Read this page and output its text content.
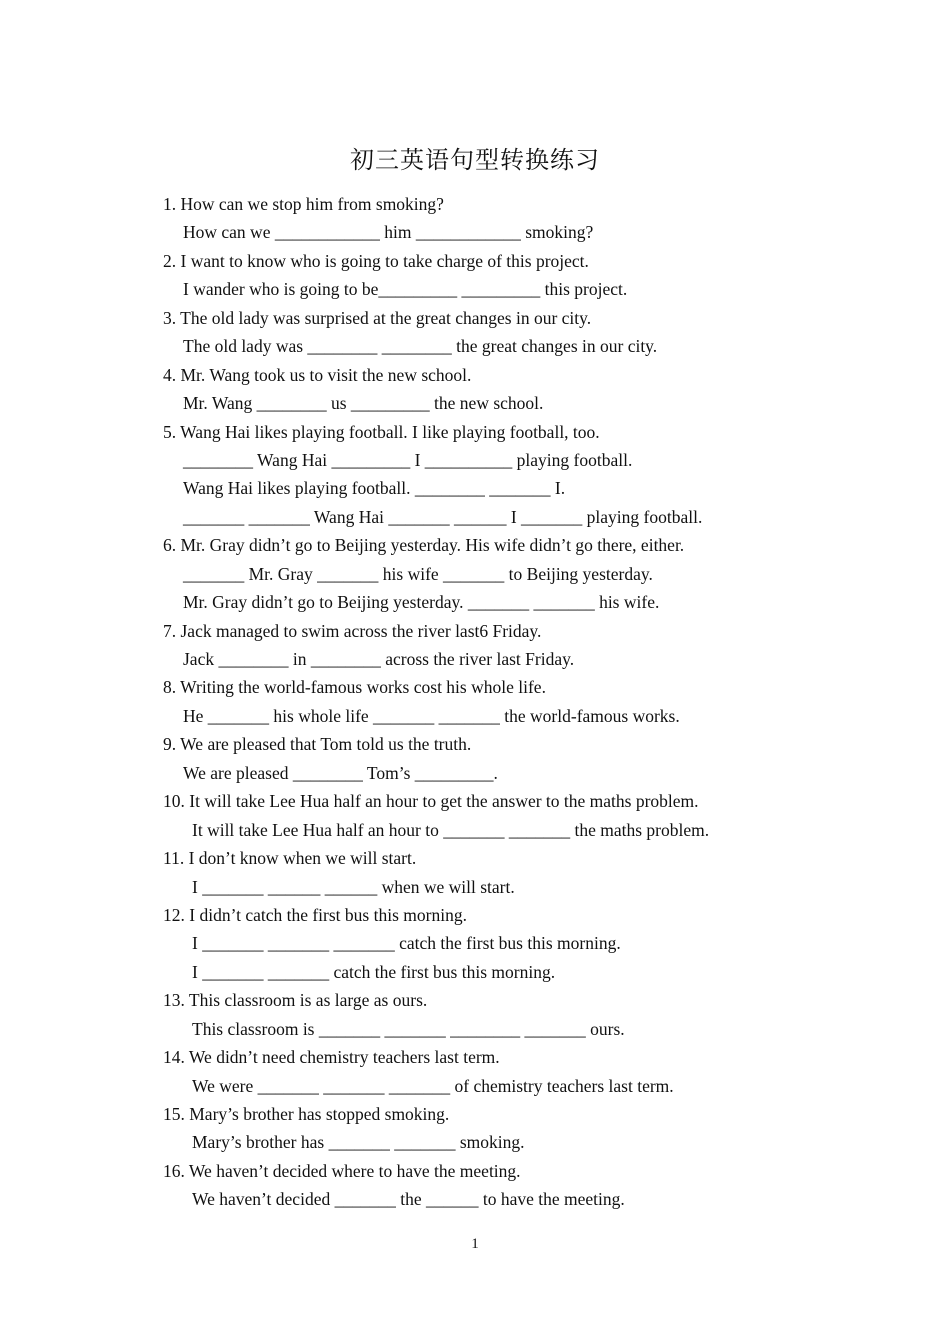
初三英语句型转换练习
1. How can we stop him from smoking?
How can we ____________ him ____________ smoking?
2. I want to know who is going to take charge of this project.
I wander who is going to be_________ _________ this project.
3. The old lady was surprised at the great changes in our city.
The old lady was ________ ________ the great changes in our city.
4. Mr. Wang took us to visit the new school.
Mr. Wang ________ us _________ the new school.
5. Wang Hai likes playing football. I like playing football, too.
________ Wang Hai _________ I __________ playing football.
Wang Hai likes playing football. ________ _______ I.
_______ _______ Wang Hai _______ ______ I _______ playing football.
6. Mr. Gray didn’t go to Beijing yesterday. His wife didn’t go there, either.
_______ Mr. Gray _______ his wife _______ to Beijing yesterday.
Mr. Gray didn’t go to Beijing yesterday. _______ _______ his wife.
7. Jack managed to swim across the river last6 Friday.
Jack ________ in ________ across the river last Friday.
8. Writing the world-famous works cost his whole life.
He _______ his whole life _______ _______ the world-famous works.
9. We are pleased that Tom told us the truth.
We are pleased ________ Tom’s _________.
10. It will take Lee Hua half an hour to get the answer to the maths problem.
It will take Lee Hua half an hour to _______ _______ the maths problem.
11. I don’t know when we will start.
I _______ ______ ______ when we will start.
12. I didn’t catch the first bus this morning.
I _______ _______ _______ catch the first bus this morning.
I _______ _______ catch the first bus this morning.
13. This classroom is as large as ours.
This classroom is _______ _______ ________ _______ ours.
14. We didn’t need chemistry teachers last term.
We were _______ _______ _______ of chemistry teachers last term.
15. Mary’s brother has stopped smoking.
Mary’s brother has _______ _______ smoking.
16. We haven’t decided where to have the meeting.
We haven’t decided _______ the ______ to have the meeting.
1
